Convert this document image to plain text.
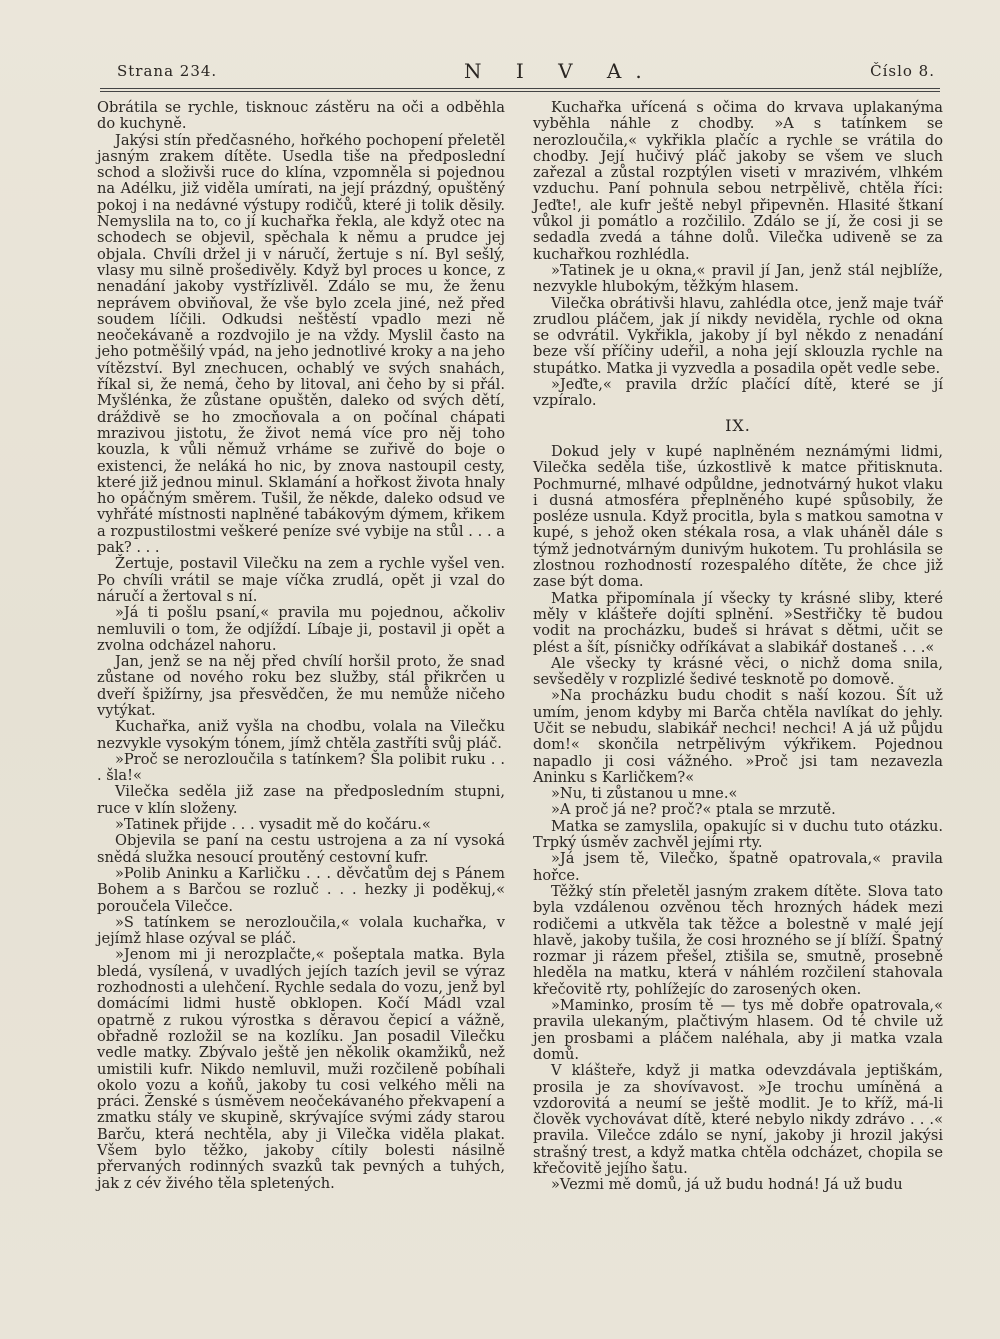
Strana 234.	N I V A.	Číslo 8.

Obrátila se rychle, tisknouc zástěru na oči a odběhla do kuchyně.

Jakýsi stín předčasného, hořkého pochopení přeletěl jasným zrakem dítěte. Usedla tiše na předposlední schod a složivši ruce do klína, vzpomněla si pojednou na Adélku, již viděla umírati, na její prázdný, opuštěný pokoj i na nedávné výstupy rodičů, které ji tolik děsily. Nemyslila na to, co jí kuchařka řekla, ale když otec na schodech se objevil, spěchala k němu a prudce jej objala. Chvíli držel ji v náručí, žertuje s ní. Byl sešlý, vlasy mu silně prošedivěly. Když byl proces u konce, z nenadání jakoby vystřízlivěl. Zdálo se mu, že ženu neprávem obviňoval, že vše bylo zcela jiné, než před soudem líčili. Odkudsi neštěstí vpadlo mezi ně neočekávaně a rozdvojilo je na vždy. Myslil často na jeho potměšilý vpád, na jeho jednotlivé kroky a na jeho vítězství. Byl znechucen, ochablý ve svých snahách, říkal si, že nemá, čeho by litoval, ani čeho by si přál. Myšlénka, že zůstane opuštěn, daleko od svých dětí, dráždivě se ho zmocňovala a on počínal chápati mrazivou jistotu, že život nemá více pro něj toho kouzla, k vůli němuž vrháme se zuřivě do boje o existenci, že neláká ho nic, by znova nastoupil cesty, které již jednou minul. Sklamání a hořkost života hnaly ho opáčným směrem. Tušil, že někde, daleko odsud ve vyhřáté místnosti naplněné tabákovým dýmem, křikem a rozpustilostmi veškeré peníze své vybije na stůl . . . a pak? . . .

Žertuje, postavil Vilečku na zem a rychle vyšel ven. Po chvíli vrátil se maje víčka zrudlá, opět ji vzal do náručí a žertoval s ní.

»Já ti pošlu psaní,« pravila mu pojednou, ačkoliv nemluvili o tom, že odjíždí. Líbaje ji, postavil ji opět a zvolna odcházel nahoru.

Jan, jenž se na něj před chvílí horšil proto, že snad zůstane od nového roku bez služby, stál přikrčen u dveří špižírny, jsa přesvědčen, že mu nemůže ničeho vytýkat.

Kuchařka, aniž vyšla na chodbu, volala na Vilečku nezvykle vysokým tónem, jímž chtěla zastříti svůj pláč.

»Proč se nerozloučila s tatínkem? Šla polibit ruku . . . šla!«

Vilečka seděla již zase na předposledním stupni, ruce v klín složeny.

»Tatinek přijde . . . vysadit mě do kočáru.«

Objevila se paní na cestu ustrojena a za ní vysoká snědá služka nesoucí proutěný cestovní kufr.

»Polib Aninku a Karličku . . . děvčatům dej s Pánem Bohem a s Barčou se rozluč . . . hezky ji poděkuj,« poroučela Vilečce.

»S tatínkem se nerozloučila,« volala kuchařka, v jejímž hlase ozýval se pláč.

»Jenom mi ji nerozplačte,« pošeptala matka. Byla bledá, vysílená, v uvadlých jejích tazích jevil se výraz rozhodnosti a ulehčení. Rychle sedala do vozu, jenž byl domácími lidmi hustě obklopen. Kočí Mádl vzal opatrně z rukou výrostka s děravou čepicí a vážně, obřadně rozložil se na kozlíku. Jan posadil Vilečku vedle matky. Zbývalo ještě jen několik okamžiků, než umistili kufr. Nikdo nemluvil, muži rozčileně pobíhali okolo vozu a koňů, jakoby tu cosi velkého měli na práci. Ženské s úsměvem neočekávaného překvapení a zmatku stály ve skupině, skrývajíce svými zády starou Barču, která nechtěla, aby ji Vilečka viděla plakat. Všem bylo těžko, jakoby cítily bolesti násilně přervaných rodinných svazků tak pevných a tuhých, jak z cév živého těla spletených.

Kuchařka uřícená s očima do krvava uplakanýma vyběhla náhle z chodby. »A s tatínkem se nerozloučila,« vykřikla plačíc a rychle se vrátila do chodby. Její hučivý pláč jakoby se všem ve sluch zařezal a zůstal rozptýlen viseti v mrazivém, vlhkém vzduchu. Paní pohnula sebou netrpělivě, chtěla říci: Jeďte!, ale kufr ještě nebyl připevněn. Hlasité štkaní vůkol ji pomátlo a rozčililo. Zdálo se jí, že cosi ji se sedadla zvedá a táhne dolů. Vilečka udiveně se za kuchařkou rozhlédla.

»Tatinek je u okna,« pravil jí Jan, jenž stál nejblíže, nezvykle hlubokým, těžkým hlasem.

Vilečka obrátivši hlavu, zahlédla otce, jenž maje tvář zrudlou pláčem, jak jí nikdy neviděla, rychle od okna se odvrátil. Vykřikla, jakoby jí byl někdo z nenadání beze vší příčiny udeřil, a noha její sklouzla rychle na stupátko. Matka ji vyzvedla a posadila opět vedle sebe.

»Jeďte,« pravila držíc plačící dítě, které se jí vzpíralo.

IX.

Dokud jely v kupé naplněném neznámými lidmi, Vilečka seděla tiše, úzkostlivě k matce přitisknuta. Pochmurné, mlhavé odpůldne, jednotvárný hukot vlaku i dusná atmosféra přeplněného kupé spůsobily, že posléze usnula. Když procitla, byla s matkou samotna v kupé, s jehož oken stékala rosa, a vlak uháněl dále s týmž jednotvárným dunivým hukotem. Tu prohlásila se zlostnou rozhodností rozespalého dítěte, že chce již zase být doma.

Matka připomínala jí všecky ty krásné sliby, které měly v klášteře dojíti splnění. »Sestřičky tě budou vodit na procházku, budeš si hrávat s dětmi, učit se plést a šít, písničky odříkávat a slabikář dostaneš . . .«

Ale všecky ty krásné věci, o nichž doma snila, sevšeděly v rozplizlé šedivé tesknotě po domově.

»Na procházku budu chodit s naší kozou. Šít už umím, jenom kdyby mi Barča chtěla navlíkat do jehly. Učit se nebudu, slabikář nechci! nechci! A já už půjdu dom!« skončila netrpělivým výkřikem. Pojednou napadlo ji cosi vážného. »Proč jsi tam nezavezla Aninku s Karličkem?«

»Nu, ti zůstanou u mne.«

»A proč já ne? proč?« ptala se mrzutě.

Matka se zamyslila, opakujíc si v duchu tuto otázku. Trpký úsměv zachvěl jejími rty.

»Já jsem tě, Vilečko, špatně opatrovala,« pravila hořce.

Těžký stín přeletěl jasným zrakem dítěte. Slova tato byla vzdálenou ozvěnou těch hrozných hádek mezi rodičemi a utkvěla tak těžce a bolestně v malé její hlavě, jakoby tušila, že cosi hrozného se jí blíží. Špatný rozmar ji rázem přešel, ztišila se, smutně, prosebně hleděla na matku, která v náhlém rozčilení stahovala křečovitě rty, pohlížejíc do zarosených oken.

»Maminko, prosím tě — tys mě dobře opatrovala,« pravila ulekaným, plačtivým hlasem. Od té chvile už jen prosbami a pláčem naléhala, aby ji matka vzala domů.

V klášteře, když ji matka odevzdávala jeptiškám, prosila je za shovívavost. »Je trochu umíněná a vzdorovitá a neumí se ještě modlit. Je to kříž, má-li člověk vychovávat dítě, které nebylo nikdy zdrávo . . .« pravila. Vilečce zdálo se nyní, jakoby ji hrozil jakýsi strašný trest, a když matka chtěla odcházet, chopila se křečovitě jejího šatu.

»Vezmi mě domů, já už budu hodná! Já už budu
